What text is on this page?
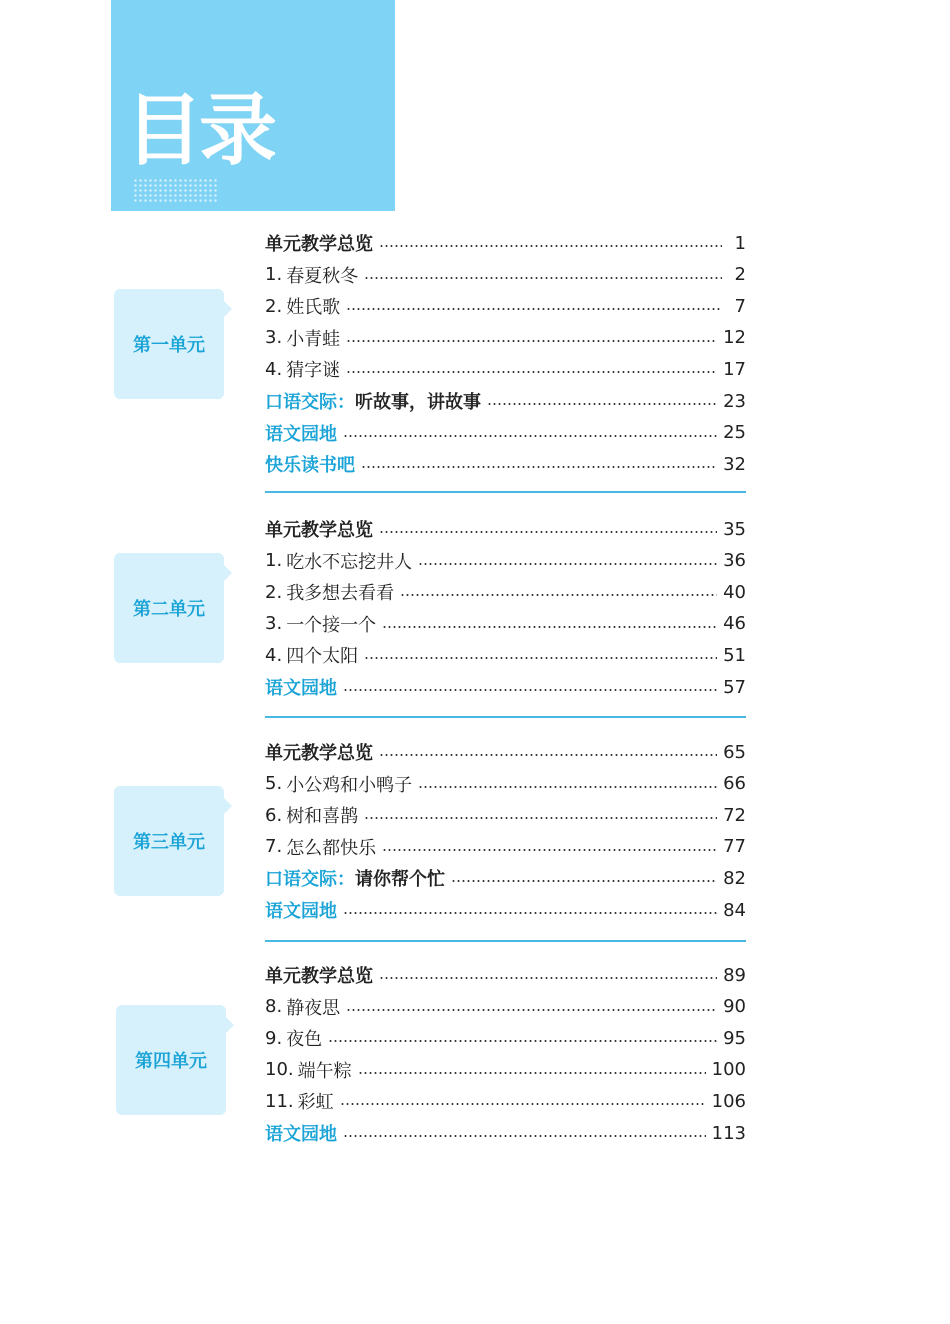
目录
第一单元
单元教学总览	1
1. 春夏秋冬	2
2. 姓氏歌	7
3. 小青蛙	12
4. 猜字谜	17
口语交际： 听故事，讲故事	23
语文园地	25
快乐读书吧	32
第二单元
单元教学总览	35
1. 吃水不忘挖井人	36
2. 我多想去看看	40
3. 一个接一个	46
4. 四个太阳	51
语文园地	57
第三单元
单元教学总览	65
5. 小公鸡和小鸭子	66
6. 树和喜鹊	72
7. 怎么都快乐	77
口语交际： 请你帮个忙	82
语文园地	84
第四单元
单元教学总览	89
8. 静夜思	90
9. 夜色	95
10. 端午粽	100
11. 彩虹	106
语文园地	113
